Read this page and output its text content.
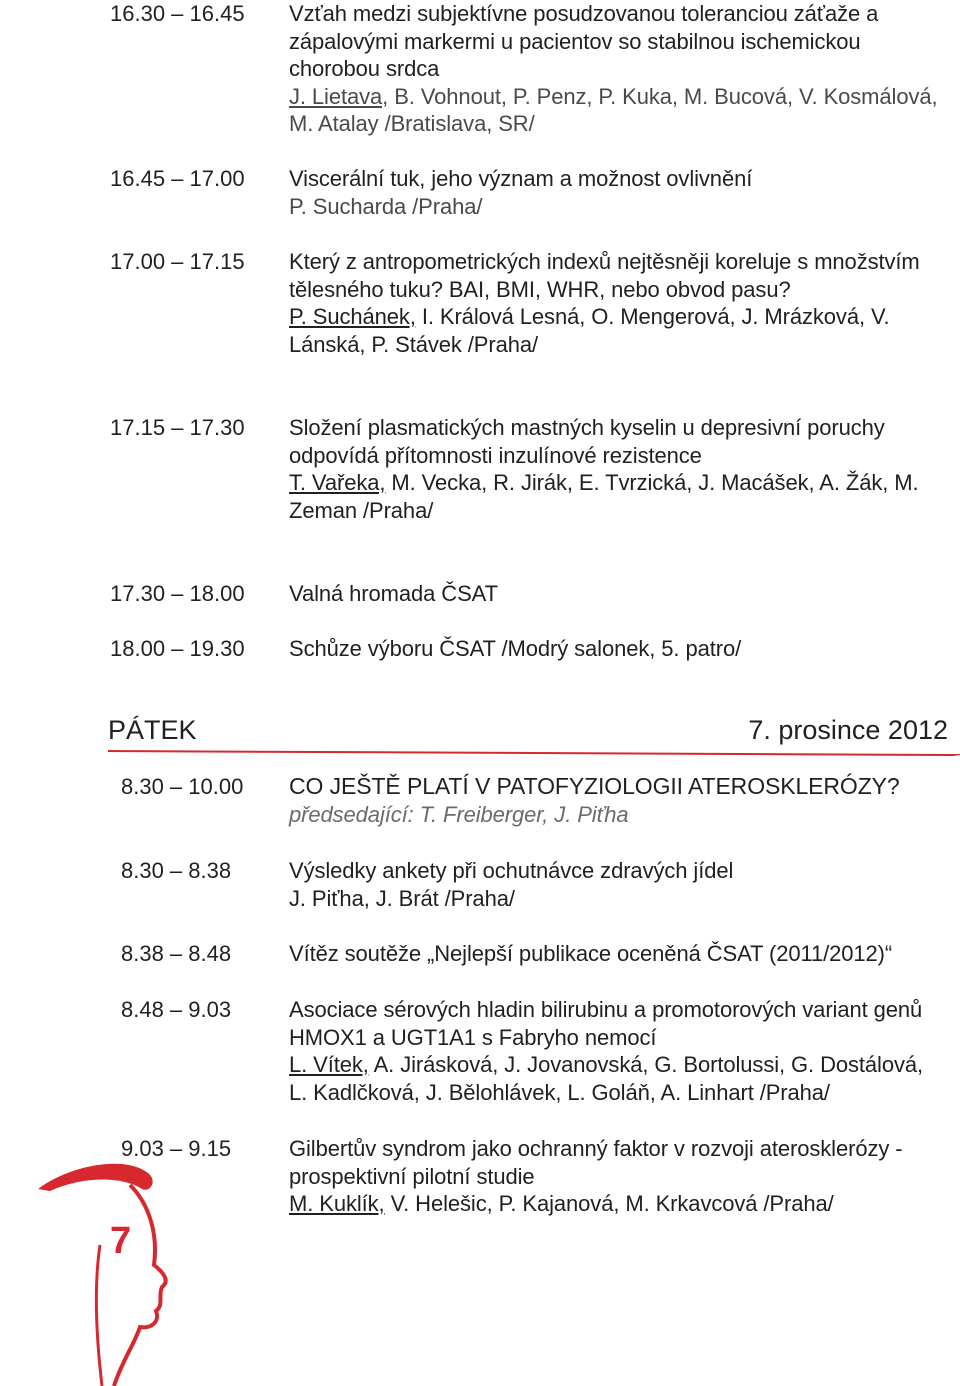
16.30 – 16.45 Vzťah medzi subjektívne posudzovanou toleranciou záťaže a zápalovými markermi u pacientov so stabilnou ischemickou chorobou srdca
J. Lietava, B. Vohnout, P. Penz, P. Kuka, M. Bucová, V. Kosmálová, M. Atalay /Bratislava, SR/
16.45 – 17.00 Viscerální tuk, jeho význam a možnost ovlivnění
P. Sucharda /Praha/
17.00 – 17.15 Který z antropometrických indexů nejtěsněji koreluje s množstvím tělesného tuku? BAI, BMI, WHR, nebo obvod pasu?
P. Suchánek, I. Králová Lesná, O. Mengerová, J. Mrázková, V. Lánská, P. Stávek /Praha/
17.15 – 17.30 Složení plasmatických mastných kyselin u depresivní poruchy odpovídá přítomnosti inzulínové rezistence
T. Vařeka, M. Vecka, R. Jirák, E. Tvrzická, J. Macášek, A. Žák, M. Zeman /Praha/
17.30 – 18.00 Valná hromada ČSAT
18.00 – 19.30 Schůze výboru ČSAT /Modrý salonek, 5. patro/
PÁTEK	7. prosince 2012
8.30 – 10.00 CO JEŠTĚ PLATÍ V PATOFYZIOLOGII ATEROSKLERÓZY?
předsedající: T. Freiberger, J. Piťha
8.30 – 8.38	Výsledky ankety při ochutnávce zdravých jídel
J. Piťha, J. Brát /Praha/
8.38 – 8.48	Vítěz soutěže „Nejlepší publikace oceněná ČSAT (2011/2012)“
8.48 – 9.03	Asociace sérových hladin bilirubinu a promotorových variant genů HMOX1 a UGT1A1 s Fabryho nemocí
L. Vítek, A. Jirásková, J. Jovanovská, G. Bortolussi, G. Dostálová, L. Kadlčková, J. Bělohlávek, L. Goláň, A. Linhart /Praha/
9.03 – 9.15	Gilbertův syndrom jako ochranný faktor v rozvoji aterosklerózy - prospektivní pilotní studie
M. Kuklík, V. Helešic, P. Kajanová, M. Krkavcová /Praha/
7
